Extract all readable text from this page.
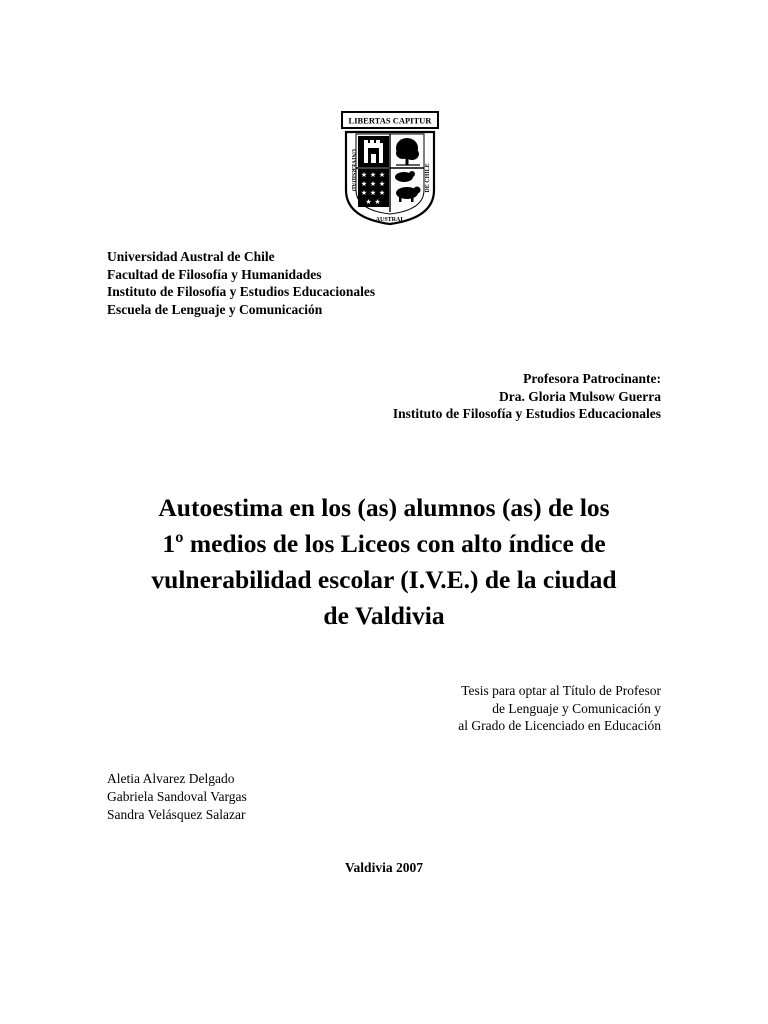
LIBERTAS CAPITUR
★ ★ ★
★ ★ ★
★ ★ ★
★ ★
UNIVERSIDAD
AUSTRAL
DE CHILE
Universidad Austral de Chile
Facultad de Filosofía y Humanidades
Instituto de Filosofía y Estudios Educacionales
Escuela de Lenguaje y Comunicación
Profesora Patrocinante:
Dra. Gloria Mulsow Guerra
Instituto de Filosofía y Estudios Educacionales
Autoestima en los (as) alumnos (as) de los
1º medios de los Liceos con alto índice de
vulnerabilidad escolar (I.V.E.) de la ciudad
de Valdivia
Tesis para optar al Título de Profesor
de Lenguaje y Comunicación y
al Grado de Licenciado en Educación
Aletia Alvarez Delgado
Gabriela Sandoval Vargas
Sandra Velásquez Salazar
Valdivia 2007
